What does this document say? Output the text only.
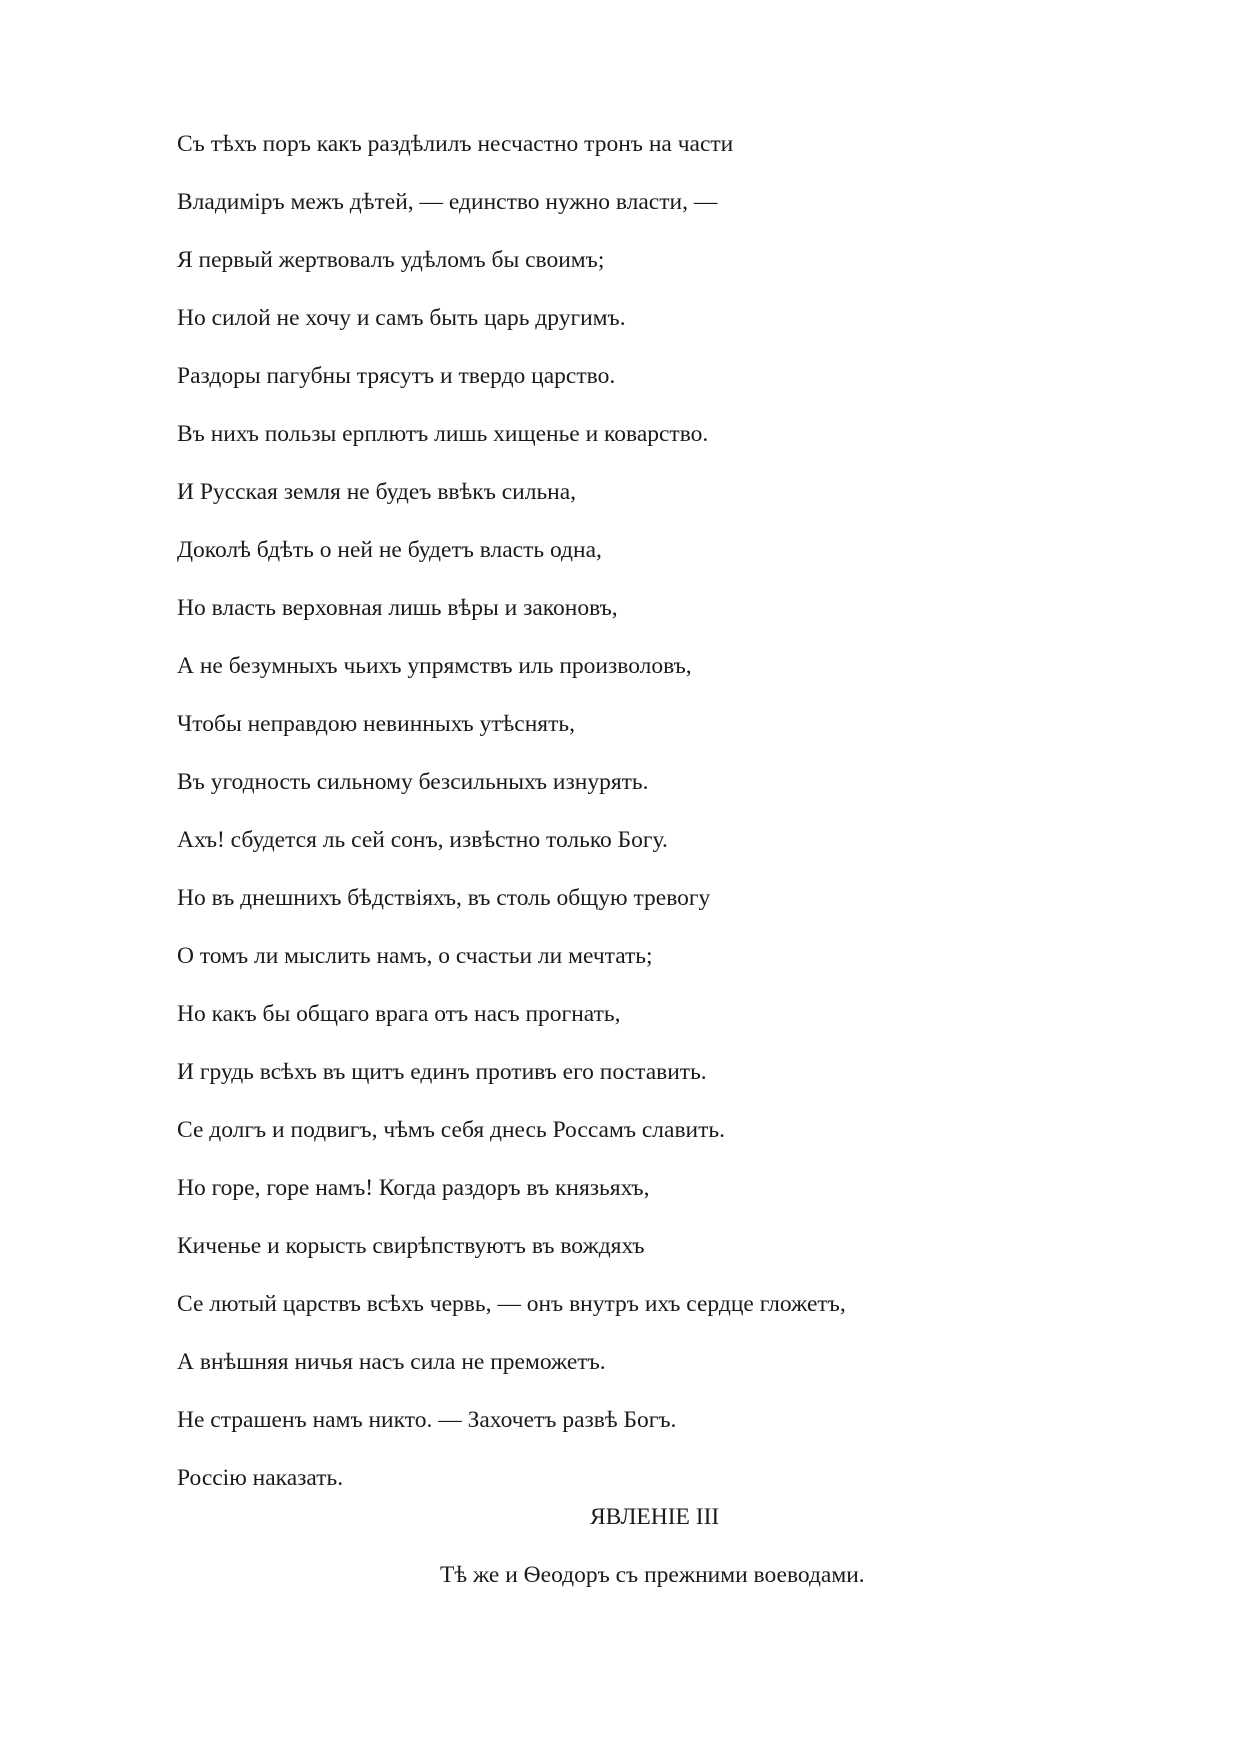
Съ тѣхъ поръ какъ раздѣлилъ несчастно тронъ на части
Владимiръ межъ дѣтей, — единство нужно власти, —
Я первый жертвовалъ удѣломъ бы своимъ;
Но силой не хочу и самъ быть царь другимъ.
Раздоры пагубны трясутъ и твердо царство.
Въ нихъ пользы ерплютъ лишь хищенье и коварство.
И Русская земля не будеъ ввѣкъ сильна,
Доколѣ бдѣть о ней не будетъ власть одна,
Но власть верховная лишь вѣры и законовъ,
А не безумныхъ чьихъ упрямствъ иль произволовъ,
Чтобы неправдою невинныхъ утѣснять,
Въ угодность сильному безсильныхъ изнурять.
Ахъ! сбудется ль сей сонъ, извѣстно только Богу.
Но въ днешнихъ бѣдствiяхъ, въ столь общую тревогу
О томъ ли мыслить намъ, о счастьи ли мечтать;
Но какъ бы общаго врага отъ насъ прогнать,
И грудь всѣхъ въ щитъ единъ противъ его поставить.
Се долгъ и подвигъ, чѣмъ себя днесь Россамъ славить.
Но горе, горе намъ! Когда раздоръ въ князьяхъ,
Киченье и корысть свирѣпствуютъ въ вождяхъ
Се лютый царствъ всѣхъ червь, — онъ внутръ ихъ сердце гложетъ,
А внѣшняя ничья насъ сила не преможетъ.
Не страшенъ намъ никто. — Захочетъ развѣ Богъ.
Россiю наказать.
ЯВЛЕНIЕ III
Тѣ же и Ѳеодоръ съ прежними воеводами.
